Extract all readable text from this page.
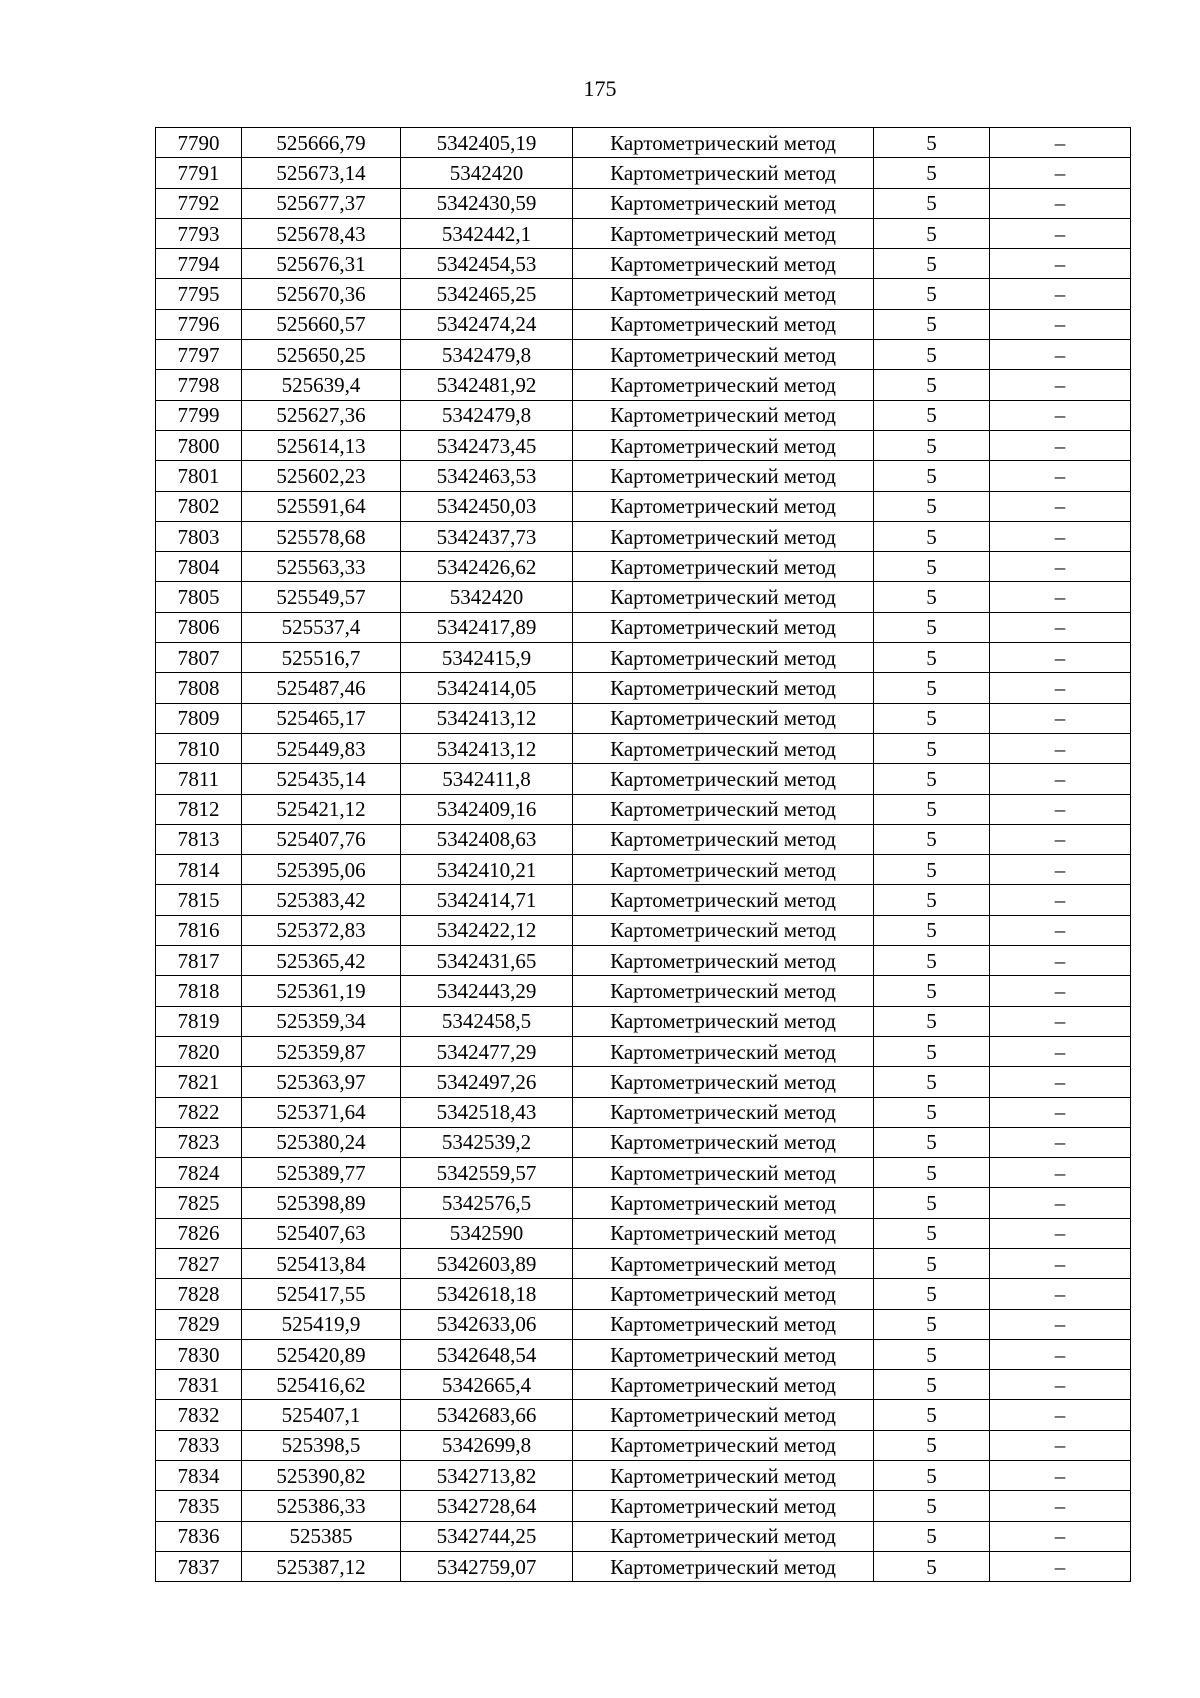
175
7790	525666,79	5342405,19	Картометрический метод	5	–
7791	525673,14	5342420	Картометрический метод	5	–
7792	525677,37	5342430,59	Картометрический метод	5	–
7793	525678,43	5342442,1	Картометрический метод	5	–
7794	525676,31	5342454,53	Картометрический метод	5	–
7795	525670,36	5342465,25	Картометрический метод	5	–
7796	525660,57	5342474,24	Картометрический метод	5	–
7797	525650,25	5342479,8	Картометрический метод	5	–
7798	525639,4	5342481,92	Картометрический метод	5	–
7799	525627,36	5342479,8	Картометрический метод	5	–
7800	525614,13	5342473,45	Картометрический метод	5	–
7801	525602,23	5342463,53	Картометрический метод	5	–
7802	525591,64	5342450,03	Картометрический метод	5	–
7803	525578,68	5342437,73	Картометрический метод	5	–
7804	525563,33	5342426,62	Картометрический метод	5	–
7805	525549,57	5342420	Картометрический метод	5	–
7806	525537,4	5342417,89	Картометрический метод	5	–
7807	525516,7	5342415,9	Картометрический метод	5	–
7808	525487,46	5342414,05	Картометрический метод	5	–
7809	525465,17	5342413,12	Картометрический метод	5	–
7810	525449,83	5342413,12	Картометрический метод	5	–
7811	525435,14	5342411,8	Картометрический метод	5	–
7812	525421,12	5342409,16	Картометрический метод	5	–
7813	525407,76	5342408,63	Картометрический метод	5	–
7814	525395,06	5342410,21	Картометрический метод	5	–
7815	525383,42	5342414,71	Картометрический метод	5	–
7816	525372,83	5342422,12	Картометрический метод	5	–
7817	525365,42	5342431,65	Картометрический метод	5	–
7818	525361,19	5342443,29	Картометрический метод	5	–
7819	525359,34	5342458,5	Картометрический метод	5	–
7820	525359,87	5342477,29	Картометрический метод	5	–
7821	525363,97	5342497,26	Картометрический метод	5	–
7822	525371,64	5342518,43	Картометрический метод	5	–
7823	525380,24	5342539,2	Картометрический метод	5	–
7824	525389,77	5342559,57	Картометрический метод	5	–
7825	525398,89	5342576,5	Картометрический метод	5	–
7826	525407,63	5342590	Картометрический метод	5	–
7827	525413,84	5342603,89	Картометрический метод	5	–
7828	525417,55	5342618,18	Картометрический метод	5	–
7829	525419,9	5342633,06	Картометрический метод	5	–
7830	525420,89	5342648,54	Картометрический метод	5	–
7831	525416,62	5342665,4	Картометрический метод	5	–
7832	525407,1	5342683,66	Картометрический метод	5	–
7833	525398,5	5342699,8	Картометрический метод	5	–
7834	525390,82	5342713,82	Картометрический метод	5	–
7835	525386,33	5342728,64	Картометрический метод	5	–
7836	525385	5342744,25	Картометрический метод	5	–
7837	525387,12	5342759,07	Картометрический метод	5	–
